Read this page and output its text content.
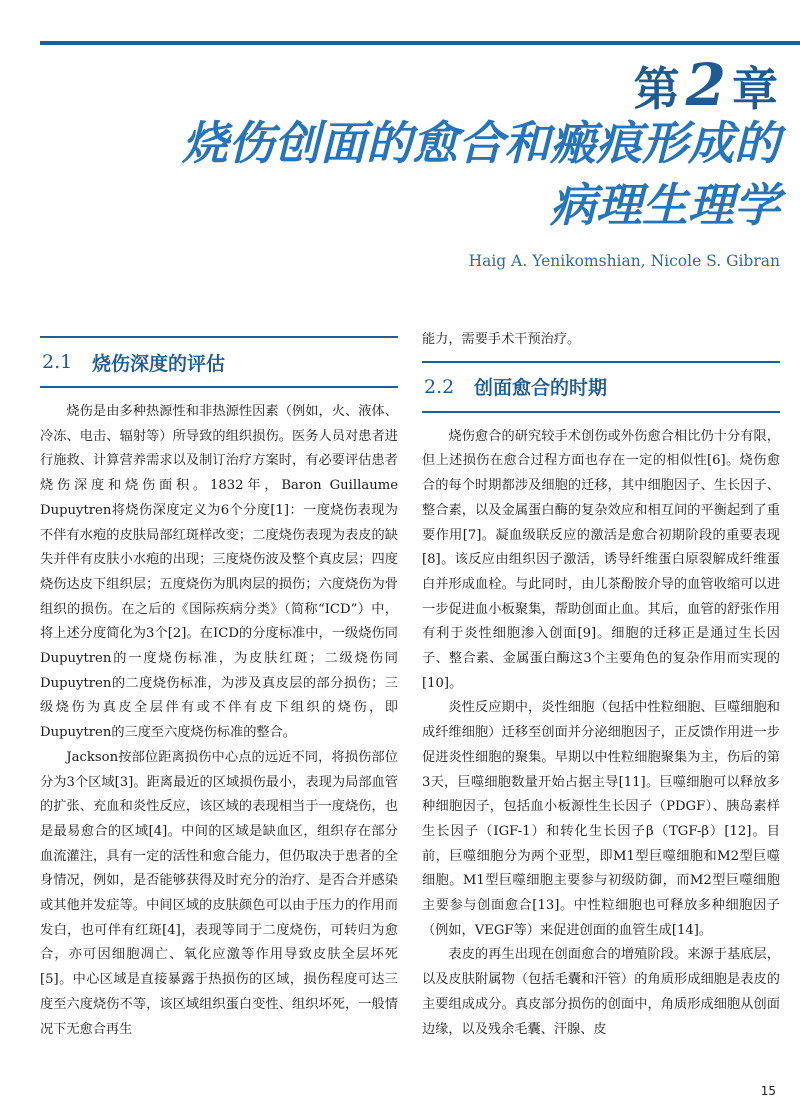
第2章
烧伤创面的愈合和瘢痕形成的
病理生理学
Haig A. Yenikomshian, Nicole S. Gibran
2.1	烧伤深度的评估

烧伤是由多种热源性和非热源性因素（例如，火、液体、冷冻、电击、辐射等）所导致的组织损伤。医务人员对患者进行施救、计算营养需求以及制订治疗方案时，有必要评估患者烧伤深度和烧伤面积。1832年，Baron Guillaume Dupuytren将烧伤深度定义为6个分度[1]：一度烧伤表现为不伴有水疱的皮肤局部红斑样改变；二度烧伤表现为表皮的缺失并伴有皮肤小水疱的出现；三度烧伤波及整个真皮层；四度烧伤达皮下组织层；五度烧伤为肌肉层的损伤；六度烧伤为骨组织的损伤。在之后的《国际疾病分类》（简称“ICD”）中，将上述分度简化为3个[2]。在ICD的分度标准中，一级烧伤同Dupuytren的一度烧伤标准，为皮肤红斑；二级烧伤同Dupuytren的二度烧伤标准，为涉及真皮层的部分损伤；三级烧伤为真皮全层伴有或不伴有皮下组织的烧伤，即Dupuytren的三度至六度烧伤标准的整合。

Jackson按部位距离损伤中心点的远近不同，将损伤部位分为3个区域[3]。距离最近的区域损伤最小，表现为局部血管的扩张、充血和炎性反应，该区域的表现相当于一度烧伤，也是最易愈合的区域[4]。中间的区域是缺血区，组织存在部分血流灌注，具有一定的活性和愈合能力，但仍取决于患者的全身情况，例如，是否能够获得及时充分的治疗、是否合并感染或其他并发症等。中间区域的皮肤颜色可以由于压力的作用而发白，也可伴有红斑[4]，表现等同于二度烧伤，可转归为愈合，亦可因细胞凋亡、氧化应激等作用导致皮肤全层坏死[5]。中心区域是直接暴露于热损伤的区域，损伤程度可达三度至六度烧伤不等，该区域组织蛋白变性、组织坏死，一般情况下无愈合再生

能力，需要手术干预治疗。

2.2	创面愈合的时期

烧伤愈合的研究较手术创伤或外伤愈合相比仍十分有限，但上述损伤在愈合过程方面也存在一定的相似性[6]。烧伤愈合的每个时期都涉及细胞的迁移，其中细胞因子、生长因子、整合素，以及金属蛋白酶的复杂效应和相互间的平衡起到了重要作用[7]。凝血级联反应的激活是愈合初期阶段的重要表现[8]。该反应由组织因子激活，诱导纤维蛋白原裂解成纤维蛋白并形成血栓。与此同时，由儿茶酚胺介导的血管收缩可以进一步促进血小板聚集，帮助创面止血。其后，血管的舒张作用有利于炎性细胞渗入创面[9]。细胞的迁移正是通过生长因子、整合素、金属蛋白酶这3个主要角色的复杂作用而实现的[10]。

炎性反应期中，炎性细胞（包括中性粒细胞、巨噬细胞和成纤维细胞）迁移至创面并分泌细胞因子，正反馈作用进一步促进炎性细胞的聚集。早期以中性粒细胞聚集为主，伤后的第3天，巨噬细胞数量开始占据主导[11]。巨噬细胞可以释放多种细胞因子，包括血小板源性生长因子（PDGF）、胰岛素样生长因子（IGF-1）和转化生长因子β（TGF-β）[12]。目前，巨噬细胞分为两个亚型，即M1型巨噬细胞和M2型巨噬细胞。M1型巨噬细胞主要参与初级防御，而M2型巨噬细胞主要参与创面愈合[13]。中性粒细胞也可释放多种细胞因子（例如，VEGF等）来促进创面的血管生成[14]。

表皮的再生出现在创面愈合的增殖阶段。来源于基底层，以及皮肤附属物（包括毛囊和汗管）的角质形成细胞是表皮的主要组成成分。真皮部分损伤的创面中，角质形成细胞从创面边缘，以及残余毛囊、汗腺、皮

15
